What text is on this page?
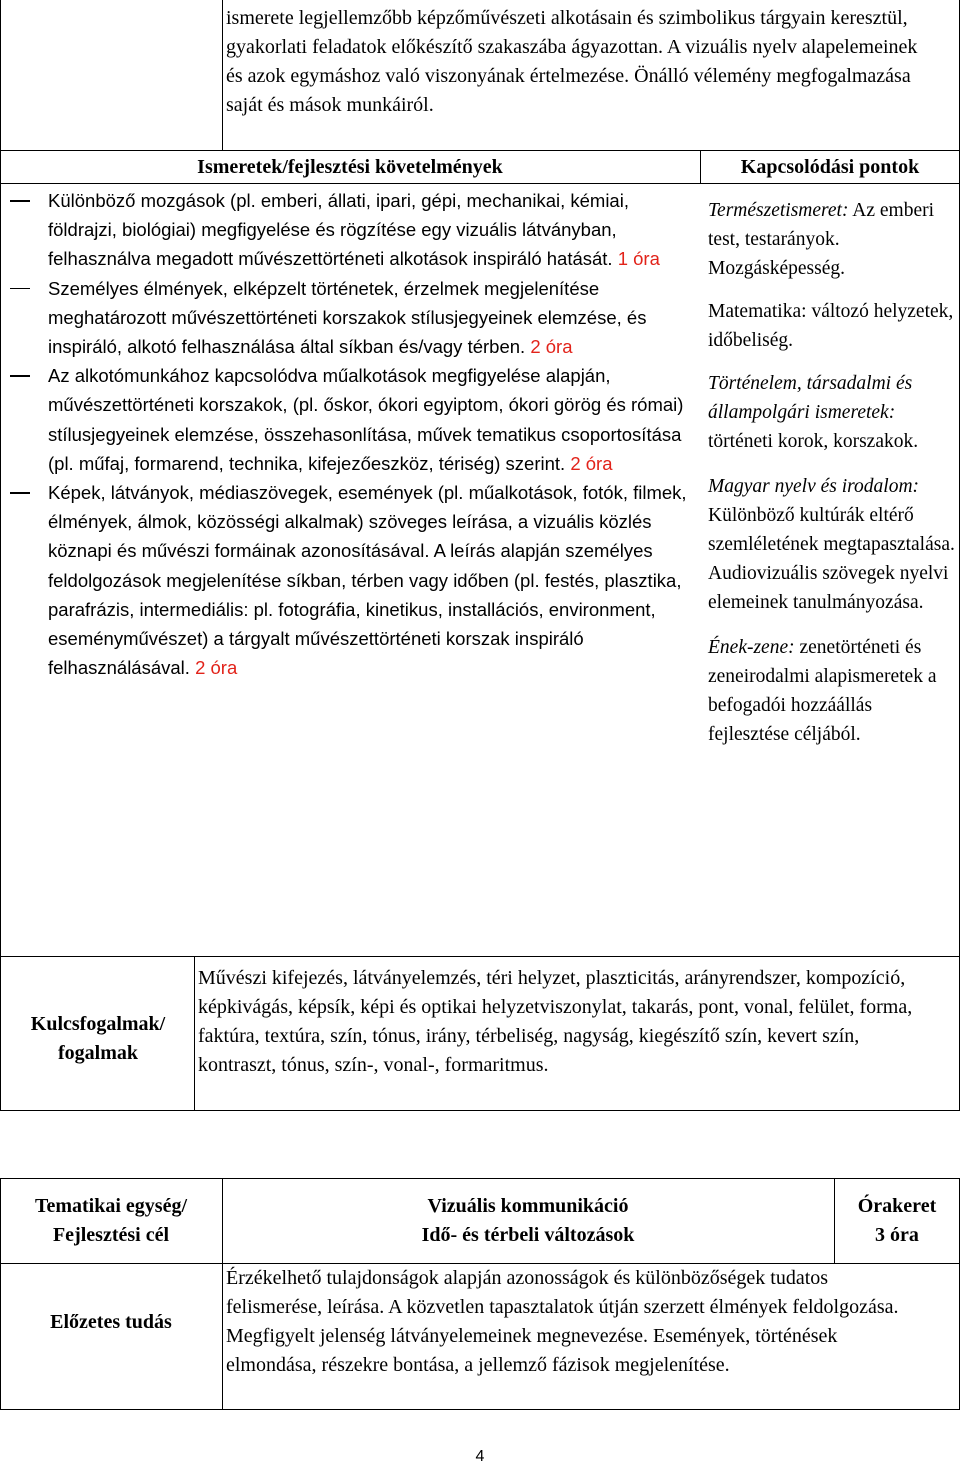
ismerete legjellemzőbb képzőművészeti alkotásain és szimbolikus tárgyain keresztül, gyakorlati feladatok előkészítő szakaszába ágyazottan. A vizuális nyelv alapelemeinek és azok egymáshoz való viszonyának értelmezése. Önálló vélemény megfogalmazása saját és mások munkáiról.
Ismeretek/fejlesztési követelmények	Kapcsolódási pontok
Különböző mozgások (pl. emberi, állati, ipari, gépi, mechanikai, kémiai, földrajzi, biológiai) megfigyelése és rögzítése egy vizuális látványban, felhasználva megadott művészettörténeti alkotások inspiráló hatását. 1 óra
Személyes élmények, elképzelt történetek, érzelmek megjelenítése meghatározott művészettörténeti korszakok stílusjegyeinek elemzése, és inspiráló, alkotó felhasználása által síkban és/vagy térben. 2 óra
Az alkotómunkához kapcsolódva műalkotások megfigyelése alapján, művészettörténeti korszakok, (pl. őskor, ókori egyiptom, ókori görög és római) stílusjegyeinek elemzése, összehasonlítása, művek tematikus csoportosítása (pl. műfaj, formarend, technika, kifejezőeszköz, tériség) szerint. 2 óra
Képek, látványok, médiaszövegek, események (pl. műalkotások, fotók, filmek, élmények, álmok, közösségi alkalmak) szöveges leírása, a vizuális közlés köznapi és művészi formáinak azonosításával. A leírás alapján személyes feldolgozások megjelenítése síkban, térben vagy időben (pl. festés, plasztika, parafrázis, intermediális: pl. fotográfia, kinetikus, installációs, environment, eseményművészet) a tárgyalt művészettörténeti korszak inspiráló felhasználásával. 2 óra
Természetismeret: Az emberi test, testarányok. Mozgásképesség.
Matematika: változó helyzetek, időbeliség.
Történelem, társadalmi és állampolgári ismeretek: történeti korok, korszakok.
Magyar nyelv és irodalom: Különböző kultúrák eltérő szemléletének megtapasztalása. Audiovizuális szövegek nyelvi elemeinek tanulmányozása.
Ének-zene: zenetörténeti és zeneirodalmi alapismeretek a befogadói hozzáállás fejlesztése céljából.
Kulcsfogalmak/ fogalmak
Művészi kifejezés, látványelemzés, téri helyzet, plaszticitás, arányrendszer, kompozíció, képkivágás, képsík, képi és optikai helyzetviszonylat, takarás, pont, vonal, felület, forma, faktúra, textúra, szín, tónus, irány, térbeliség, nagyság, kiegészítő szín, kevert szín, kontraszt, tónus, szín-, vonal-, formaritmus.
Tematikai egység/ Fejlesztési cél
Vizuális kommunikáció
Idő- és térbeli változások
Órakeret
3 óra
Előzetes tudás
Érzékelhető tulajdonságok alapján azonosságok és különbözőségek tudatos felismerése, leírása. A közvetlen tapasztalatok útján szerzett élmények feldolgozása. Megfigyelt jelenség látványelemeinek megnevezése. Események, történések elmondása, részekre bontása, a jellemző fázisok megjelenítése.
4
